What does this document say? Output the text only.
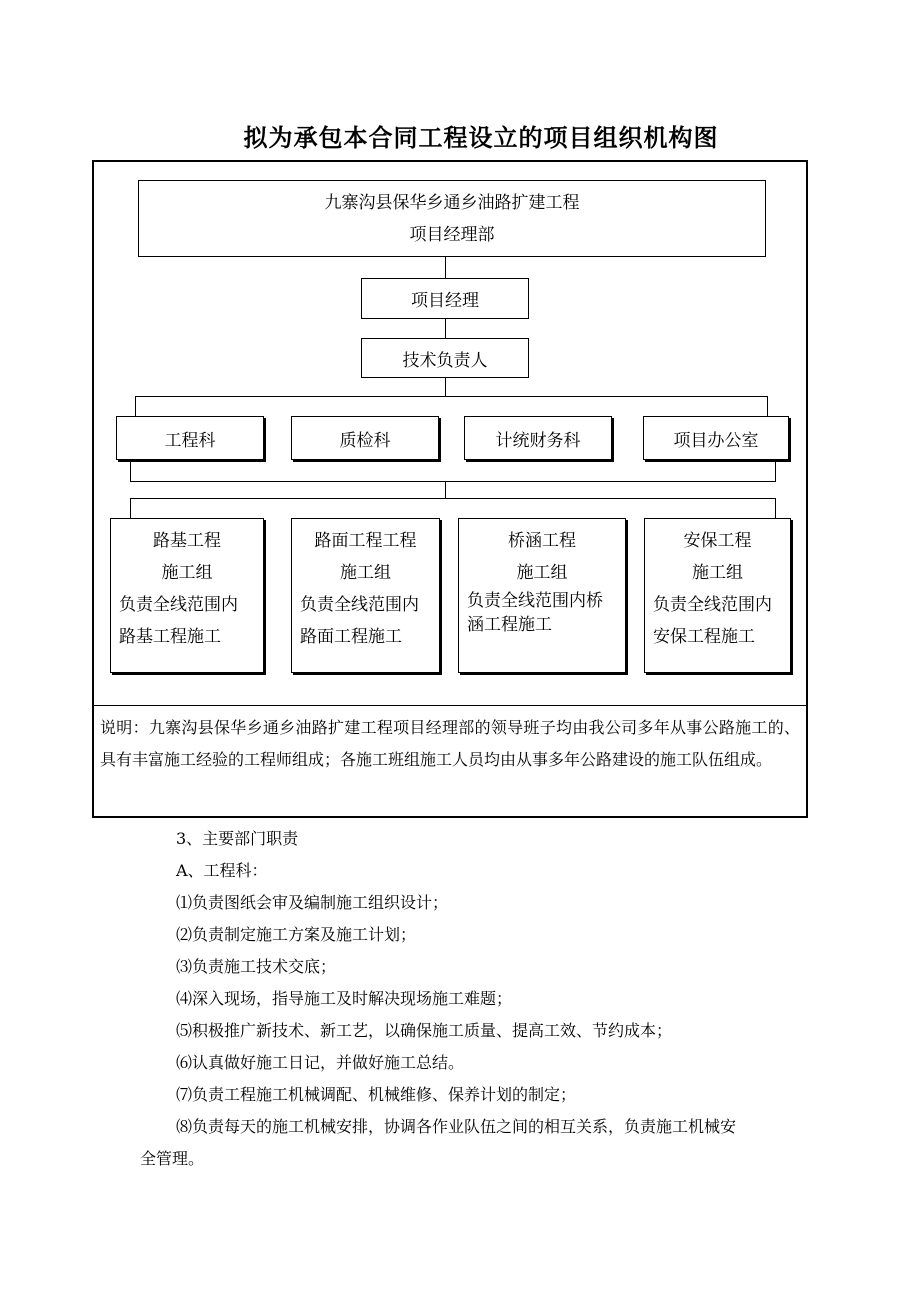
拟为承包本合同工程设立的项目组织机构图
九寨沟县保华乡通乡油路扩建工程
项目经理部
项目经理
技术负责人
工程科	质检科	计统财务科	项目办公室
路基工程
施工组
负责全线范围内
路基工程施工
路面工程工程
施工组
负责全线范围内
路面工程施工
桥涵工程
施工组
负责全线范围内桥
涵工程施工
安保工程
施工组
负责全线范围内
安保工程施工
说明：九寨沟县保华乡通乡油路扩建工程项目经理部的领导班子均由我公司多年从事公路施工的、具有丰富施工经验的工程师组成；各施工班组施工人员均由从事多年公路建设的施工队伍组成。

3、主要部门职责

A、工程科：

⑴负责图纸会审及编制施工组织设计；

⑵负责制定施工方案及施工计划；

⑶负责施工技术交底；

⑷深入现场，指导施工及时解决现场施工难题；

⑸积极推广新技术、新工艺，以确保施工质量、提高工效、节约成本；

⑹认真做好施工日记，并做好施工总结。

⑺负责工程施工机械调配、机械维修、保养计划的制定；

⑻负责每天的施工机械安排，协调各作业队伍之间的相互关系，负责施工机械安

全管理。
